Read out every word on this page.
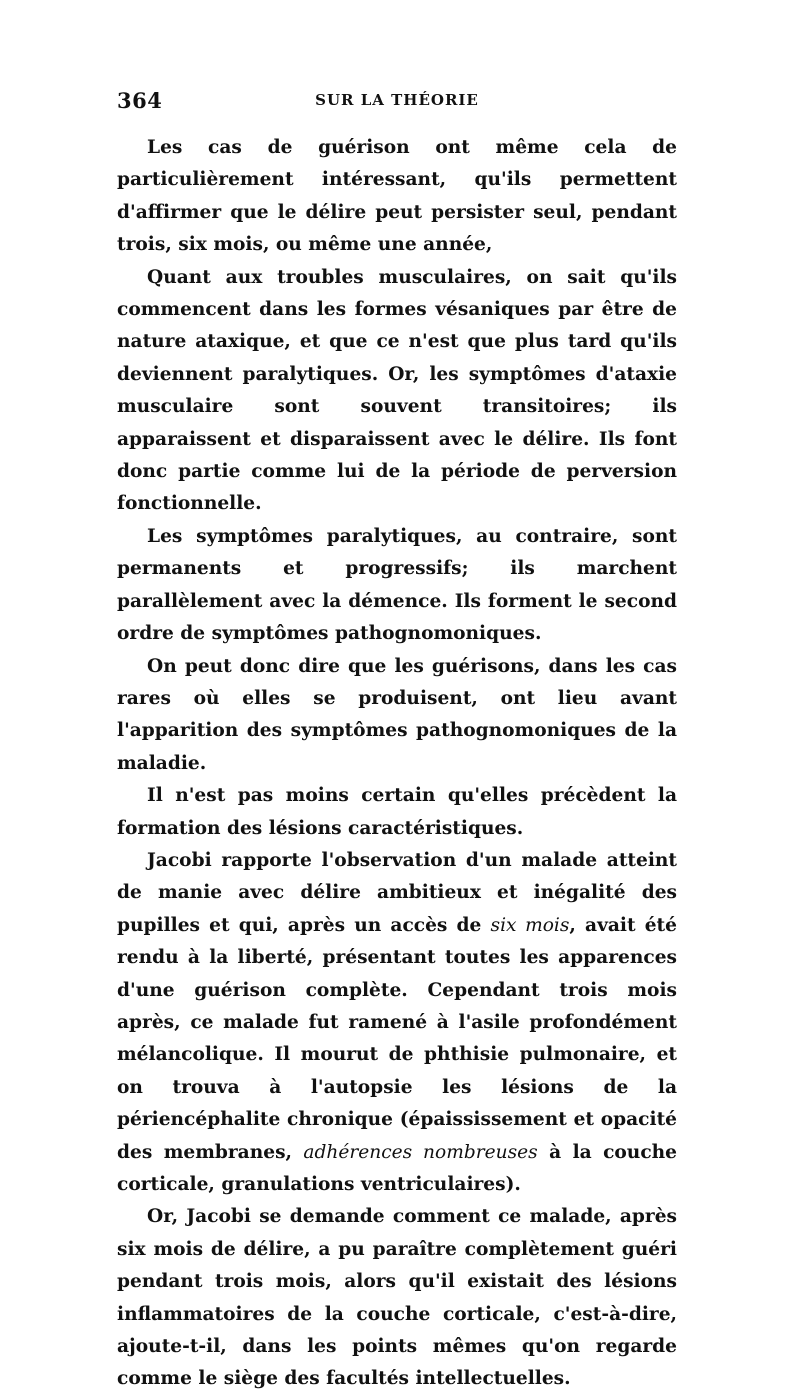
364	SUR LA THÉORIE

Les cas de guérison ont même cela de particulièrement intéressant, qu'ils permettent d'affirmer que le délire peut persister seul, pendant trois, six mois, ou même une année,

Quant aux troubles musculaires, on sait qu'ils commencent dans les formes vésaniques par être de nature ataxique, et que ce n'est que plus tard qu'ils deviennent paralytiques. Or, les symptômes d'ataxie musculaire sont souvent transitoires; ils apparaissent et disparaissent avec le délire. Ils font donc partie comme lui de la période de perversion fonctionnelle.

Les symptômes paralytiques, au contraire, sont permanents et progressifs; ils marchent parallèlement avec la démence. Ils forment le second ordre de symptômes pathognomoniques.

On peut donc dire que les guérisons, dans les cas rares où elles se produisent, ont lieu avant l'apparition des symptômes pathognomoniques de la maladie.

Il n'est pas moins certain qu'elles précèdent la formation des lésions caractéristiques.

Jacobi rapporte l'observation d'un malade atteint de manie avec délire ambitieux et inégalité des pupilles et qui, après un accès de six mois, avait été rendu à la liberté, présentant toutes les apparences d'une guérison complète. Cependant trois mois après, ce malade fut ramené à l'asile profondément mélancolique. Il mourut de phthisie pulmonaire, et on trouva à l'autopsie les lésions de la périencéphalite chronique (épaississement et opacité des membranes, adhérences nombreuses à la couche corticale, granulations ventriculaires).

Or, Jacobi se demande comment ce malade, après six mois de délire, a pu paraître complètement guéri pendant trois mois, alors qu'il existait des lésions inflammatoires de la couche corticale, c'est-à-dire, ajoute-t-il, dans les points mêmes qu'on regarde comme le siège des facultés intellectuelles.
